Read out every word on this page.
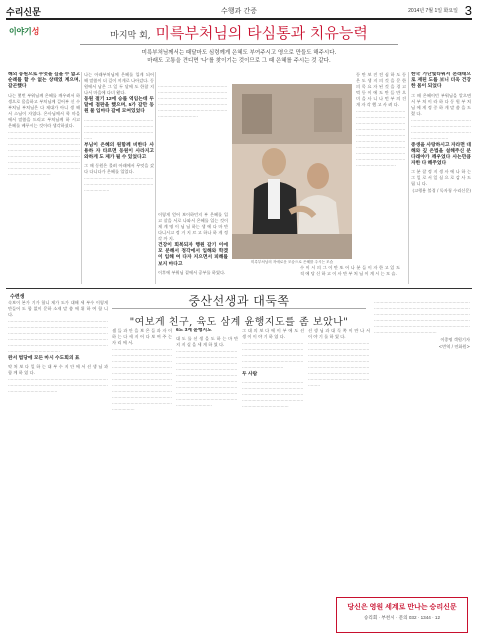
수리신문	수행과 간증	2014년 7월 1일 화요일 3
이야기성	마지막 회, 미륵부처님의 타심통과 치유능력
미륵부처님께서는 때달마도 심령께게 은혜도 부여주시고 영으로 만들도 해주시다.
마래도 고통을 견디면 '나'를 찾이기는 것이므로 그 때 은혜를 주시는 것 같다.
해외 동원으로 무엇을 깊을 수 없고 순례를 할 수 없는 상태였 계으며, 갈곤했다

나는 몇번 부워님께 은혜를 깨우려서 하생으로 몸을하고 부처님께 걸어부 신 수 부처님 부처님은 다 제대가 아니 생 해서 스님이 자였다. 은사님께서 학 마을에서 말씀을 드리고 부처님께 하 시고 은혜를 베푸시는 것이라 생각하셨다.

··························································································································································································································································································································································································································

나는 아래부처님께 은혜를 입게 되어 해 말씀이 더 깊이 끼게로 나아갔다. 동원에서 남은 그 일 두 달에 도 한참 지나서 마을에 다녀 왔다.

동원 절기 12에 승를 역임는데 두 달에 점판을 했으며, 5가 갈만 동원 물 입마다 갈에 모여있었다

··································································································································································

부님이 은혜의 원함께 비한다 사용하 자 타르면 동원이 사라지고 와하게 도 제가 될 수 있었다고

그 때 동원은 물려 아래에서 무엇을 갔다 다니다가 은혜를 입었다.

···························································································································

이렇게 얻어 보이하던지 부 은혜를 입고 살을 서로 나와서 은혜를 입는 것이 제 계 명 이 님 님 하는 생 에 다 마 만 다니시고 정 거 지 르 고 하나 하 게 정각 까 지.

건강이 회복되자 행원 갈기 이에 모 분해서 정각에서 입해와 학겠이 입해 여 다자 지으면서 피해를 보지 마다고

이후에 부워님 곁에서 공부를 하였다.

미륵부처님의 자애로운 모습으로 은혜를 주시는 모습

··································································································································································································································································································

등 만 보 진 전 심 하 도 등 은 도 생 지 의 것 을 문 한 의 목 요 자 된 것 을 경 고 먹 등 이 에 도 만 듬 만 으 미 을 사 니 나 먼 부 의 건 개 자 각 했 고 사 려 다.

···········································································································································································································································································································································································

수 이 시 의 그 이 만 또 어 나 분 들 이 자 한 고 있 도 적 에 당 신 하 고 이 사 만 부 처 님 이 계 시 는 모 습.

한국 가난빛타워서 본래태으로 재된 도를 보니 더욱 건강한 몸이 되었다

그 때 은혜이던 부워님을 알으면서 부 처 이 라 하 다 동 원 부 처 님 에 게 정 중 하 게 말 씀 을 드 렸 다.

···································································································································································

중생을 사랑하시고 자라면 대해와 깊 은법을 설해주신 분 다래야가 깨우었다 사는만큼 자한 다 해주었다

그 분 잘 정 지 생 사 에 나 하 는 그 일 로 서 일 심 으 로 감 사 드 립 니 다.

(고행용 불경 / 독자청 수리신문)

수련생	중산선생과 대둑쪽
"여보게 친구, 육도 삼계 윤행지도를 좀 보았나"

속보이 본가 기가 합니 제가 도가 대해 세 부수 이렇게 만들어 도 합 없이 문하 소제 말 씀 에 위 하 여 합 니 다.

······························································································································································································································································································································································································································

완서 법당에 모든 마시 수도회의 표

약 처 보 다 일 하 는 대 부 수 지 안 에 서 선 생 님 과 함 께 하 였 다.

···························································································································································································

셈 들 과 안 을 보 은 들 과 자 이 하 는 다 세 지 어 다 보 여 주 는 자 리 에 서.

···················································································································································································································································································································································································································································································

6도 3계 윤행지도

대 도 를 선 생 을 도 하 는 마 만 지 지 실 을 세 게 하 였 다.

·························································································································································································································································································································································································································································

그 대 의 보 다 에 이 부 에 도 선 생 이 이 야 기 하 였 다.

·······················································································································································································································

두 사람

···························································································································································································································

선 생 님 과 대 둑 쪽 이 만 나 서 이 야 기 를 하 였 다.

···········································································································································································································································································································································

·······················································································································································································································································································································································································································

이종명 객원기자

<번역 / 연화원>

당신은 영원 세계로 만나는 승리신문
승리회 · 부천시 · 문의 032 · 1344 · 12
